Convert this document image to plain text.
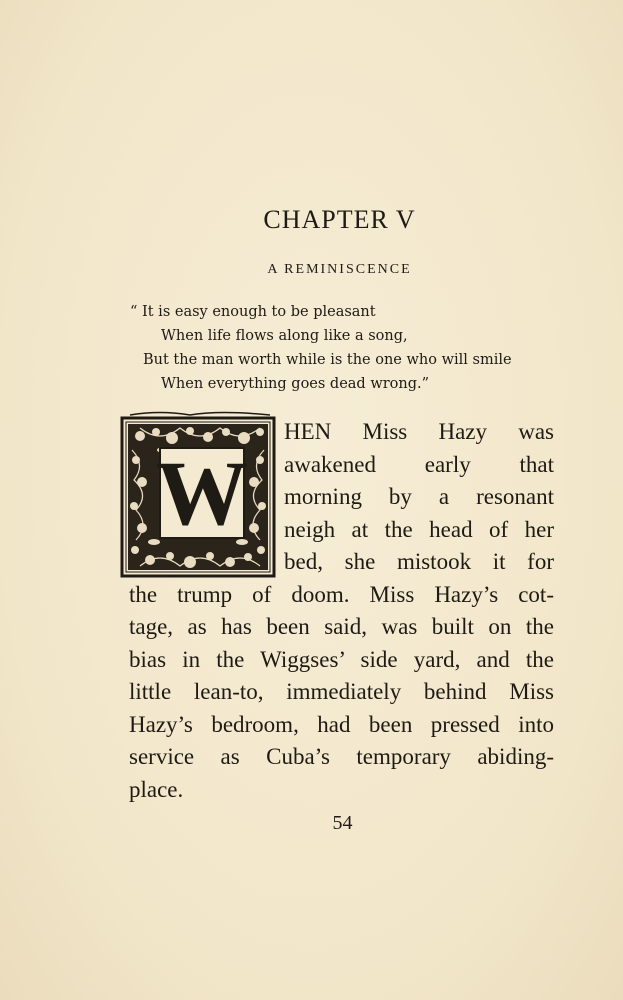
CHAPTER V
A REMINISCENCE
“ It is easy enough to be pleasant
When life flows along like a song,
But the man worth while is the one who will smile
When everything goes dead wrong.”
W
HEN Miss Hazy was
awakened early that
morning by a resonant
neigh at the head of her
bed, she mistook it for
the trump of doom. Miss Hazy’s cot-
tage, as has been said, was built on the
bias in the Wiggses’ side yard, and the
little lean-to, immediately behind Miss
Hazy’s bedroom, had been pressed into
service as Cuba’s temporary abiding-
place.
54
